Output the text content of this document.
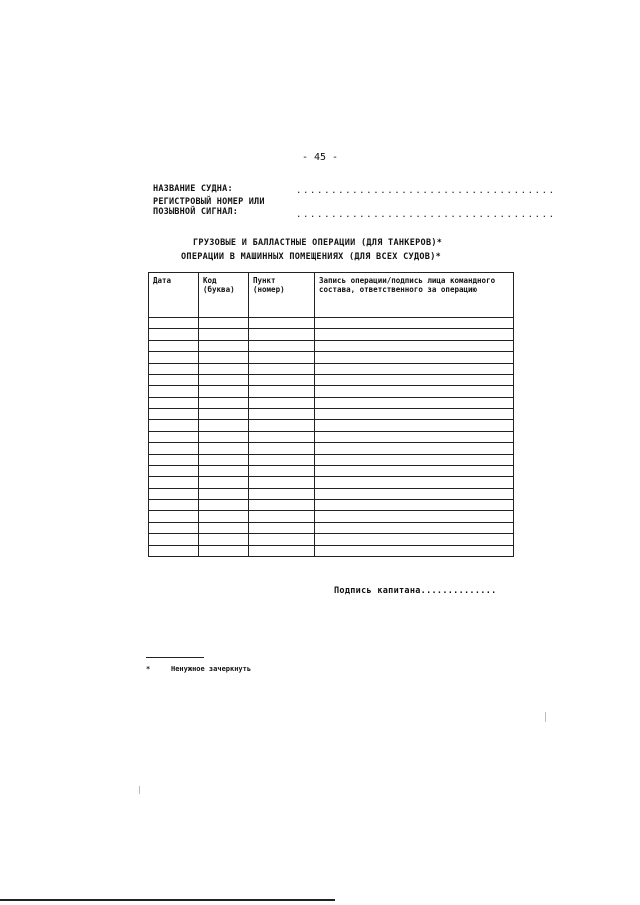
- 45 -
НАЗВАНИЕ СУДНА:	.....................................
РЕГИСТРОВЫЙ НОМЕР ИЛИ
ПОЗЫВНОЙ СИГНАЛ:	.....................................
ГРУЗОВЫЕ И БАЛЛАСТНЫЕ ОПЕРАЦИИ (ДЛЯ ТАНКЕРОВ)*
ОПЕРАЦИИ В МАШИННЫХ ПОМЕЩЕНИЯХ (ДЛЯ ВСЕХ СУДОВ)*
Дата	Код (буква)	Пункт (номер)	Запись операции/подпись лица командного состава, ответственного за операцию

Подпись капитана..............
*	Ненужное зачеркнуть
